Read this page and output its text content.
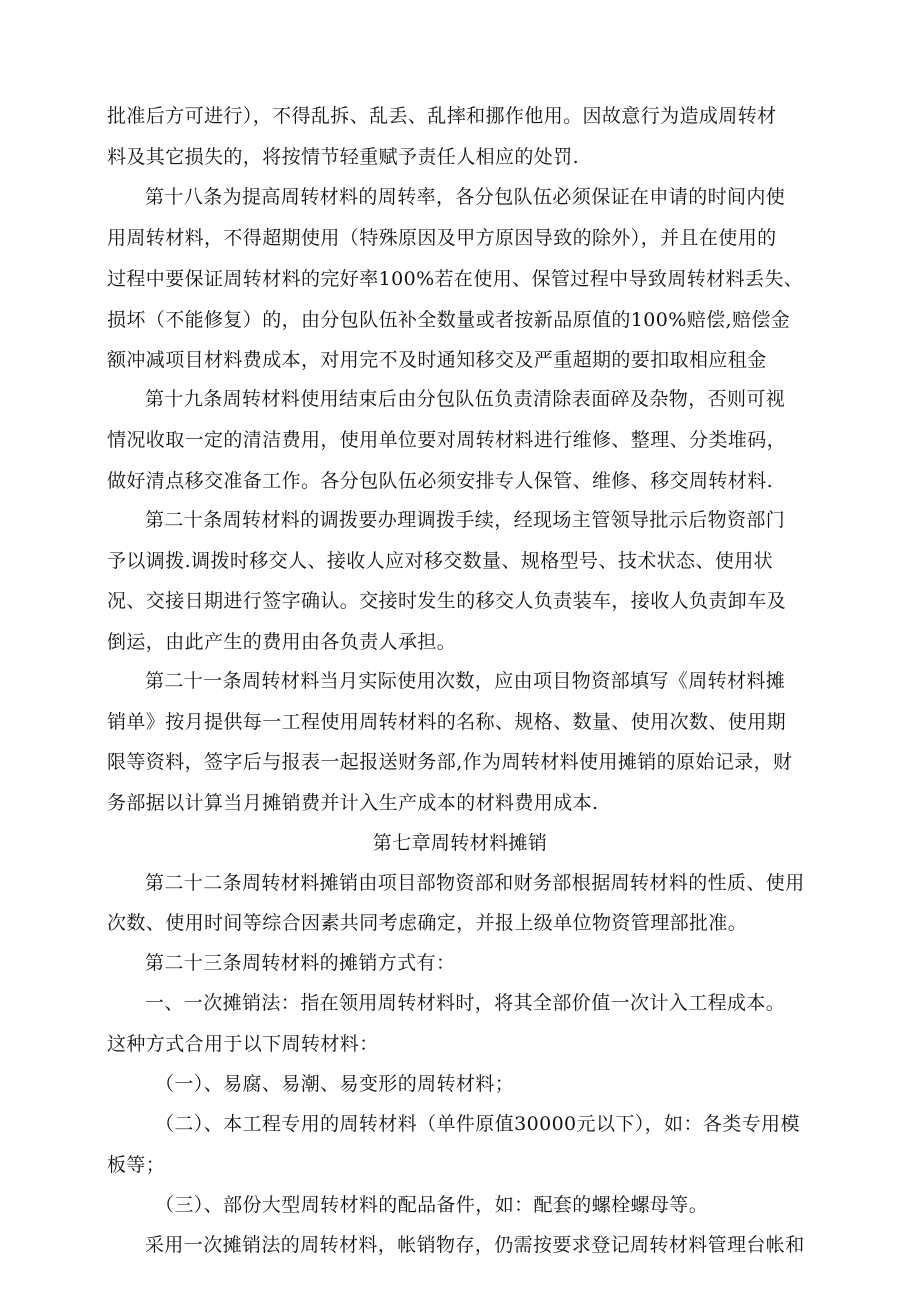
批准后方可进行），不得乱拆、乱丢、乱摔和挪作他用。因故意行为造成周转材
料及其它损失的，将按情节轻重赋予责任人相应的处罚.
第十八条为提高周转材料的周转率，各分包队伍必须保证在申请的时间内使
用周转材料，不得超期使用（特殊原因及甲方原因导致的除外），并且在使用的
过程中要保证周转材料的完好率100%若在使用、保管过程中导致周转材料丢失、
损坏（不能修复）的，由分包队伍补全数量或者按新品原值的100%赔偿,赔偿金
额冲减项目材料费成本，对用完不及时通知移交及严重超期的要扣取相应租金
第十九条周转材料使用结束后由分包队伍负责清除表面碎及杂物，否则可视
情况收取一定的清洁费用，使用单位要对周转材料进行维修、整理、分类堆码，
做好清点移交准备工作。各分包队伍必须安排专人保管、维修、移交周转材料.
第二十条周转材料的调拨要办理调拨手续，经现场主管领导批示后物资部门
予以调拨.调拨时移交人、接收人应对移交数量、规格型号、技术状态、使用状
况、交接日期进行签字确认。交接时发生的移交人负责装车，接收人负责卸车及
倒运，由此产生的费用由各负责人承担。
第二十一条周转材料当月实际使用次数，应由项目物资部填写《周转材料摊
销单》按月提供每一工程使用周转材料的名称、规格、数量、使用次数、使用期
限等资料，签字后与报表一起报送财务部,作为周转材料使用摊销的原始记录，财
务部据以计算当月摊销费并计入生产成本的材料费用成本.
第七章周转材料摊销
第二十二条周转材料摊销由项目部物资部和财务部根据周转材料的性质、使用
次数、使用时间等综合因素共同考虑确定，并报上级单位物资管理部批准。
第二十三条周转材料的摊销方式有：
一、一次摊销法：指在领用周转材料时，将其全部价值一次计入工程成本。
这种方式合用于以下周转材料：
（一）、易腐、易潮、易变形的周转材料；
（二）、本工程专用的周转材料（单件原值30000元以下），如：各类专用模
板等；
（三）、部份大型周转材料的配品备件，如：配套的螺栓螺母等。
采用一次摊销法的周转材料，帐销物存，仍需按要求登记周转材料管理台帐和
